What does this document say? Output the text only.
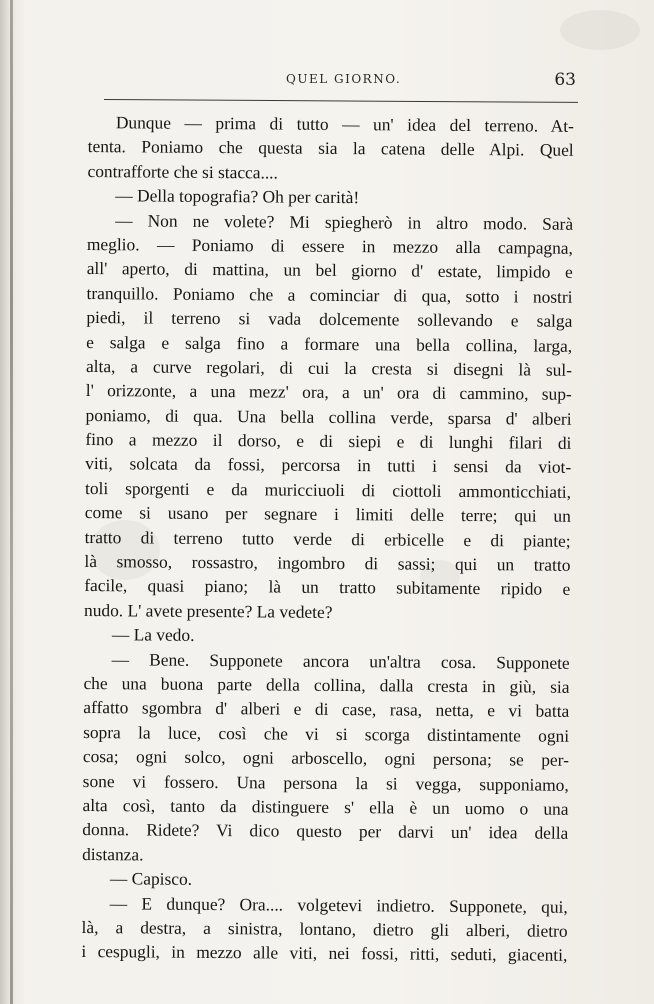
QUEL GIORNO.	63
Dunque — prima di tutto — un' idea del terreno. At-
tenta. Poniamo che questa sia la catena delle Alpi. Quel
contrafforte che si stacca....
— Della topografia? Oh per carità!
— Non ne volete? Mi spiegherò in altro modo. Sarà
meglio. — Poniamo di essere in mezzo alla campagna,
all' aperto, di mattina, un bel giorno d' estate, limpido e
tranquillo. Poniamo che a cominciar di qua, sotto i nostri
piedi, il terreno si vada dolcemente sollevando e salga
e salga e salga fino a formare una bella collina, larga,
alta, a curve regolari, di cui la cresta si disegni là sul-
l' orizzonte, a una mezz' ora, a un' ora di cammino, sup-
poniamo, di qua. Una bella collina verde, sparsa d' alberi
fino a mezzo il dorso, e di siepi e di lunghi filari di
viti, solcata da fossi, percorsa in tutti i sensi da viot-
toli sporgenti e da muricciuoli di ciottoli ammonticchiati,
come si usano per segnare i limiti delle terre; qui un
tratto di terreno tutto verde di erbicelle e di piante;
là smosso, rossastro, ingombro di sassi; qui un tratto
facile, quasi piano; là un tratto subitamente ripido e
nudo. L' avete presente? La vedete?
— La vedo.
— Bene. Supponete ancora un'altra cosa. Supponete
che una buona parte della collina, dalla cresta in giù, sia
affatto sgombra d' alberi e di case, rasa, netta, e vi batta
sopra la luce, così che vi si scorga distintamente ogni
cosa; ogni solco, ogni arboscello, ogni persona; se per-
sone vi fossero. Una persona la si vegga, supponiamo,
alta così, tanto da distinguere s' ella è un uomo o una
donna. Ridete? Vi dico questo per darvi un' idea della
distanza.
— Capisco.
— E dunque? Ora.... volgetevi indietro. Supponete, qui,
là, a destra, a sinistra, lontano, dietro gli alberi, dietro
i cespugli, in mezzo alle viti, nei fossi, ritti, seduti, giacenti,
